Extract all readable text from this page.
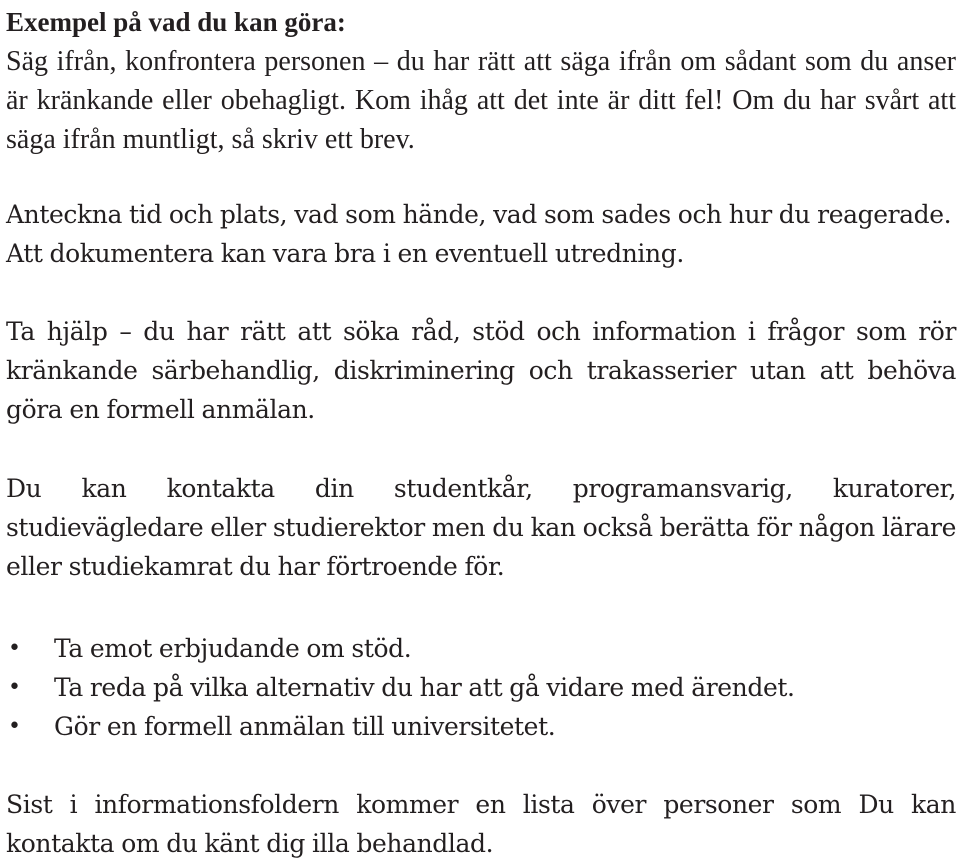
Exempel på vad du kan göra:
Säg ifrån, konfrontera personen – du har rätt att säga ifrån om sådant som du anser är kränkande eller obehagligt. Kom ihåg att det inte är ditt fel! Om du har svårt att säga ifrån muntligt, så skriv ett brev.
Anteckna tid och plats, vad som hände, vad som sades och hur du reagerade. Att dokumentera kan vara bra i en eventuell utredning.
Ta hjälp – du har rätt att söka råd, stöd och information i frågor som rör kränkande särbehandlig, diskriminering och trakasserier utan att behöva göra en formell anmälan.
Du kan kontakta din studentkår, programansvarig, kuratorer, studievägledare eller studierektor men du kan också berätta för någon lärare eller studiekamrat du har förtroende för.
• Ta emot erbjudande om stöd.
• Ta reda på vilka alternativ du har att gå vidare med ärendet.
• Gör en formell anmälan till universitetet.
Sist i informationsfoldern kommer en lista över personer som Du kan kontakta om du känt dig illa behandlad.
